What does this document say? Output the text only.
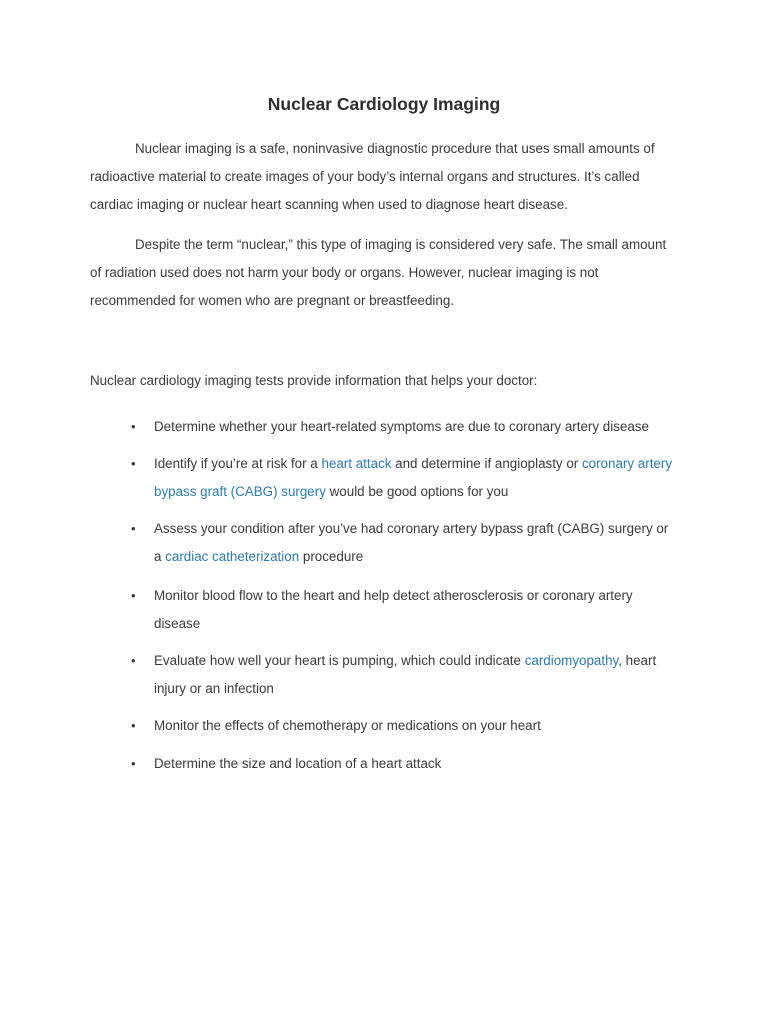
Nuclear Cardiology Imaging

Nuclear imaging is a safe, noninvasive diagnostic procedure that uses small amounts of radioactive material to create images of your body’s internal organs and structures. It’s called cardiac imaging or nuclear heart scanning when used to diagnose heart disease.

Despite the term “nuclear,” this type of imaging is considered very safe. The small amount of radiation used does not harm your body or organs. However, nuclear imaging is not recommended for women who are pregnant or breastfeeding.

Nuclear cardiology imaging tests provide information that helps your doctor:

• Determine whether your heart-related symptoms are due to coronary artery disease
• Identify if you’re at risk for a heart attack and determine if angioplasty or coronary artery bypass graft (CABG) surgery would be good options for you
• Assess your condition after you’ve had coronary artery bypass graft (CABG) surgery or a cardiac catheterization procedure
• Monitor blood flow to the heart and help detect atherosclerosis or coronary artery disease
• Evaluate how well your heart is pumping, which could indicate cardiomyopathy, heart injury or an infection
• Monitor the effects of chemotherapy or medications on your heart
• Determine the size and location of a heart attack
